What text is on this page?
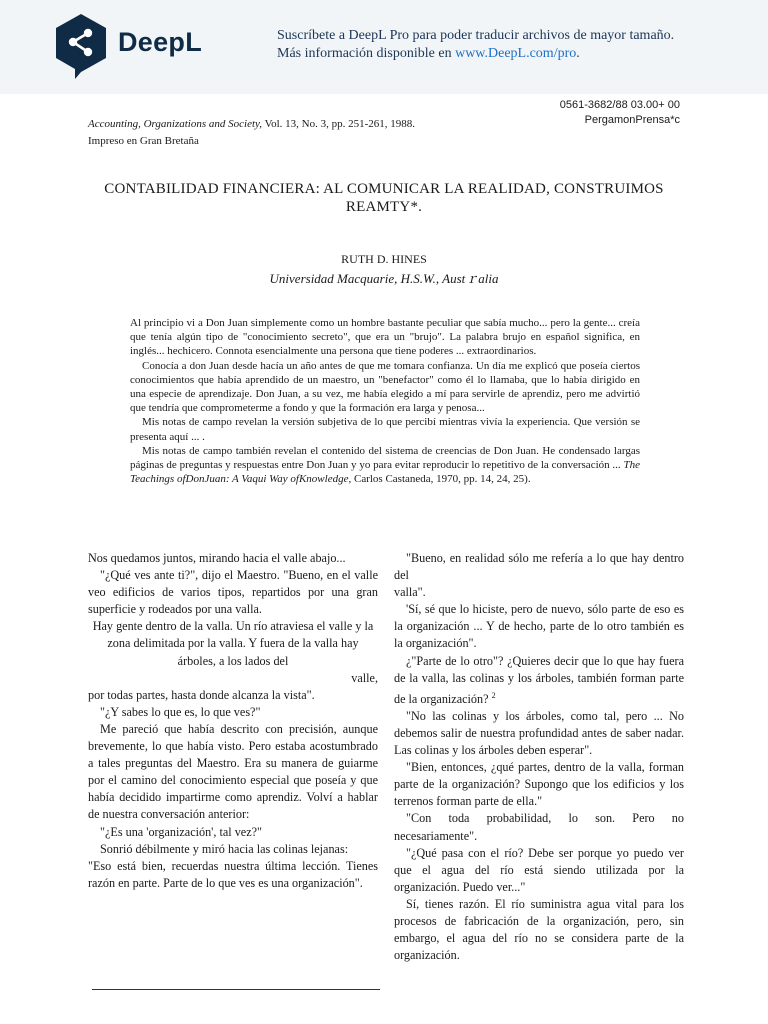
DeepL	Suscríbete a DeepL Pro para poder traducir archivos de mayor tamaño.
Más información disponible en www.DeepL.com/pro.
Accounting, Organizations and Society, Vol. 13, No. 3, pp. 251-261, 1988.
Impreso en Gran Bretaña
0561-3682/88 03.00+ 00
PergamonPrensa*c
CONTABILIDAD FINANCIERA: AL COMUNICAR LA REALIDAD, CONSTRUIMOS REAMTY*.
RUTH D. HINES
Universidad Macquarie, H.S.W., Austｒalia

Al principio vi a Don Juan simplemente como un hombre bastante peculiar que sabía mucho... pero la gente... creía que tenía algún tipo de "conocimiento secreto", que era un "brujo". La palabra brujo en español significa, en inglés... hechicero. Connota esencialmente una persona que tiene poderes ... extraordinarios.

Conocía a don Juan desde hacía un año antes de que me tomara confianza. Un día me explicó que poseía ciertos conocimientos que había aprendido de un maestro, un "benefactor" como él lo llamaba, que lo había dirigido en una especie de aprendizaje. Don Juan, a su vez, me había elegido a mí para servirle de aprendiz, pero me advirtió que tendría que comprometerme a fondo y que la formación era larga y penosa...

Mis notas de campo revelan la versión subjetiva de lo que percibí mientras vivía la experiencia. Que versión se presenta aquí ... .

Mis notas de campo también revelan el contenido del sistema de creencias de Don Juan. He condensado largas páginas de preguntas y respuestas entre Don Juan y yo para evitar reproducir lo repetitivo de la conversación ... The Teachings ofDonJuan: A Vaqui Way ofKnowledge, Carlos Castaneda, 1970, pp. 14, 24, 25).

Nos quedamos juntos, mirando hacia el valle abajo...

"¿Qué ves ante ti?", dijo el Maestro. "Bueno, en el valle veo edificios de varios tipos, repartidos por una gran superficie y rodeados por una valla.

Hay gente dentro de la valla. Un río atraviesa el valle y la zona delimitada por la valla. Y fuera de la valla hay árboles, a los lados del

valle,

por todas partes, hasta donde alcanza la vista".

"¿Y sabes lo que es, lo que ves?"

Me pareció que había descrito con precisión, aunque brevemente, lo que había visto. Pero estaba acostumbrado a tales preguntas del Maestro. Era su manera de guiarme por el camino del conocimiento especial que poseía y que había decidido impartirme como aprendiz. Volví a hablar de nuestra conversación anterior:

"¿Es una 'organización', tal vez?"

Sonrió débilmente y miró hacia las colinas lejanas:

"Eso está bien, recuerdas nuestra última lección. Tienes razón en parte. Parte de lo que ves es una organización".

"Bueno, en realidad sólo me refería a lo que hay dentro del

valla".

'Sí, sé que lo hiciste, pero de nuevo, sólo parte de eso es la organización ... Y de hecho, parte de lo otro también es la organización".

¿"Parte de lo otro"? ¿Quieres decir que lo que hay fuera de la valla, las colinas y los árboles, también forman parte de la organización? $^2$

"No las colinas y los árboles, como tal, pero ... No debemos salir de nuestra profundidad antes de saber nadar. Las colinas y los árboles deben esperar".

"Bien, entonces, ¿qué partes, dentro de la valla, forman parte de la organización? Supongo que los edificios y los terrenos forman parte de ella."

"Con toda probabilidad, lo son. Pero no necesariamente".

"¿Qué pasa con el río? Debe ser porque yo puedo ver que el agua del río está siendo utilizada por la organización. Puedo ver..."

Sí, tienes razón. El río suministra agua vital para los procesos de fabricación de la organización, pero, sin embargo, el agua del río no se considera parte de la organización.
